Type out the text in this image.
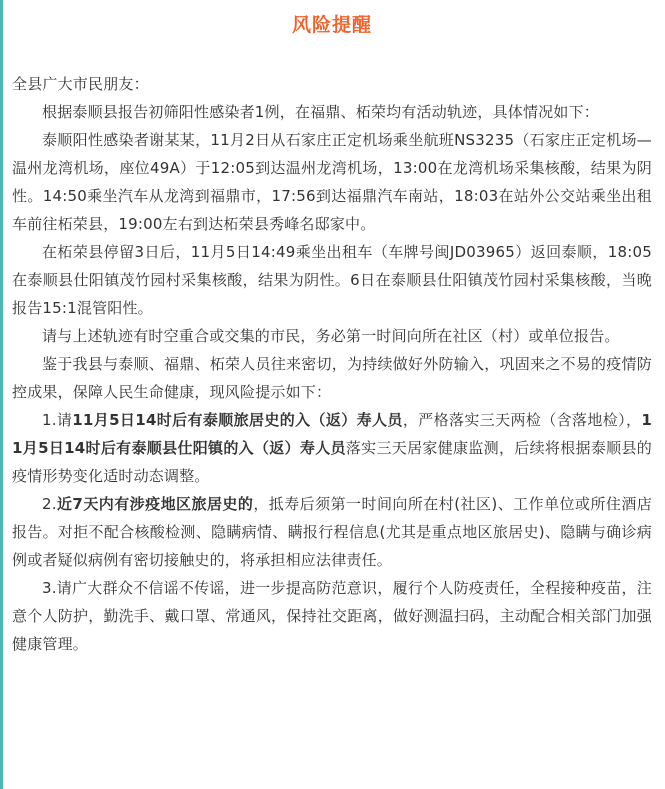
风险提醒

全县广大市民朋友：

根据泰顺县报告初筛阳性感染者1例，在福鼎、柘荣均有活动轨迹，具体情况如下：

泰顺阳性感染者谢某某，11月2日从石家庄正定机场乘坐航班NS3235（石家庄正定机场—温州龙湾机场，座位49A）于12:05到达温州龙湾机场，13:00在龙湾机场采集核酸，结果为阴性。14:50乘坐汽车从龙湾到福鼎市，17:56到达福鼎汽车南站，18:03在站外公交站乘坐出租车前往柘荣县，19:00左右到达柘荣县秀峰名邸家中。

在柘荣县停留3日后，11月5日14:49乘坐出租车（车牌号闽JD03965）返回泰顺，18:05在泰顺县仕阳镇茂竹园村采集核酸，结果为阴性。6日在泰顺县仕阳镇茂竹园村采集核酸，当晚报告15:1混管阳性。

请与上述轨迹有时空重合或交集的市民，务必第一时间向所在社区（村）或单位报告。

鉴于我县与泰顺、福鼎、柘荣人员往来密切，为持续做好外防输入，巩固来之不易的疫情防控成果，保障人民生命健康，现风险提示如下：

1.请11月5日14时后有泰顺旅居史的入（返）寿人员，严格落实三天两检（含落地检），11月5日14时后有泰顺县仕阳镇的入（返）寿人员落实三天居家健康监测，后续将根据泰顺县的疫情形势变化适时动态调整。

2.近7天内有涉疫地区旅居史的，抵寿后须第一时间向所在村(社区)、工作单位或所住酒店报告。对拒不配合核酸检测、隐瞒病情、瞒报行程信息(尤其是重点地区旅居史)、隐瞒与确诊病例或者疑似病例有密切接触史的，将承担相应法律责任。

3.请广大群众不信谣不传谣，进一步提高防范意识，履行个人防疫责任，全程接种疫苗，注意个人防护，勤洗手、戴口罩、常通风，保持社交距离，做好测温扫码，主动配合相关部门加强健康管理。
